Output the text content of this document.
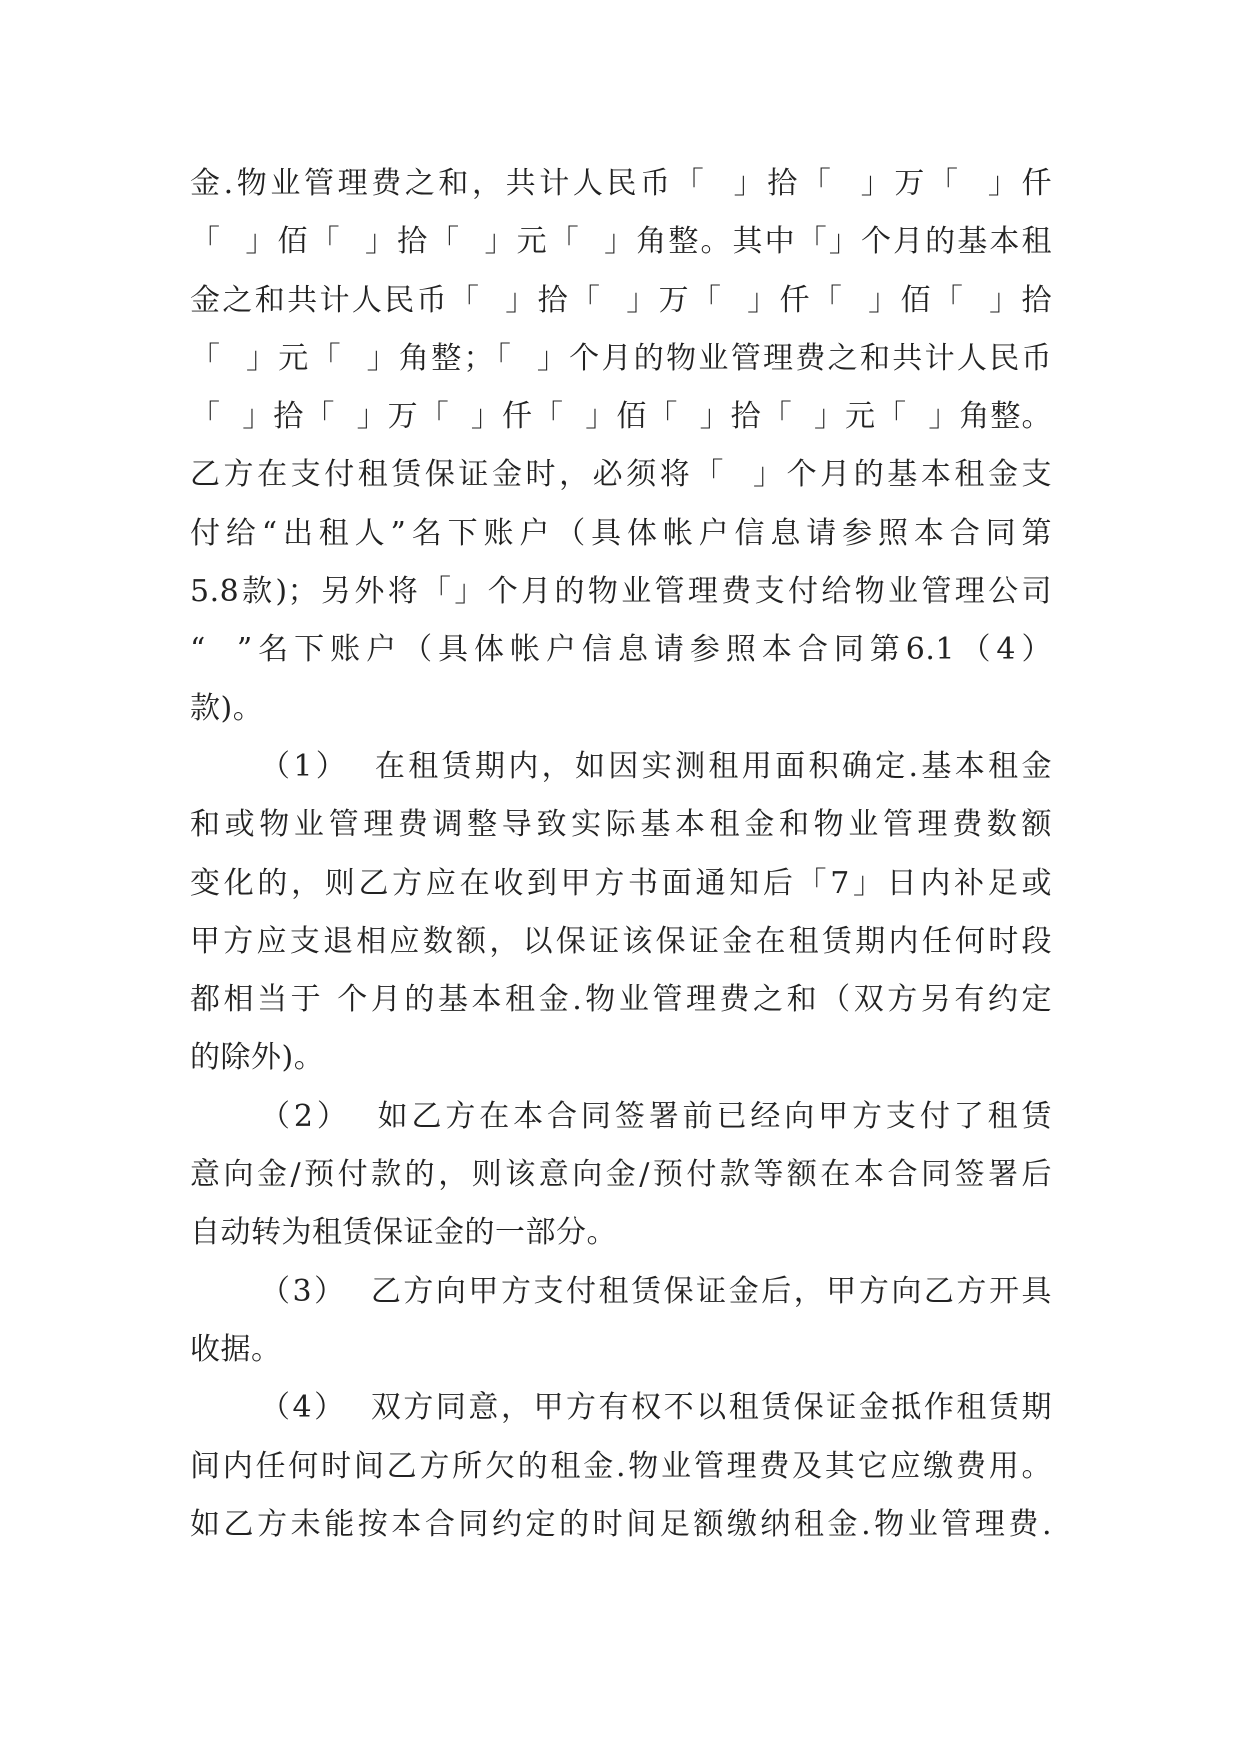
金.物业管理费之和，共计人民币「  」拾「  」万「  」仟
「  」佰「  」拾「  」元「  」角整。其中「」个月的基本租
金之和共计人民币「  」拾「  」万「  」仟「  」佰「  」拾
「  」元「  」角整；「  」个月的物业管理费之和共计人民币
「  」拾「  」万「  」仟「  」佰「  」拾「  」元「  」角整。
乙方在支付租赁保证金时，必须将「  」个月的基本租金支
付给“出租人”名下账户（具体帐户信息请参照本合同第
5.8款)；另外将「」个月的物业管理费支付给物业管理公司
“  ”名下账户（具体帐户信息请参照本合同第6.1（4）
款)。
（1）  在租赁期内，如因实测租用面积确定.基本租金
和或物业管理费调整导致实际基本租金和物业管理费数额
变化的，则乙方应在收到甲方书面通知后「7」日内补足或
甲方应支退相应数额，以保证该保证金在租赁期内任何时段
都相当于 个月的基本租金.物业管理费之和（双方另有约定
的除外)。
（2）  如乙方在本合同签署前已经向甲方支付了租赁
意向金/预付款的，则该意向金/预付款等额在本合同签署后
自动转为租赁保证金的一部分。
（3）  乙方向甲方支付租赁保证金后，甲方向乙方开具
收据。
（4）  双方同意，甲方有权不以租赁保证金抵作租赁期
间内任何时间乙方所欠的租金.物业管理费及其它应缴费用。
如乙方未能按本合同约定的时间足额缴纳租金.物业管理费.
